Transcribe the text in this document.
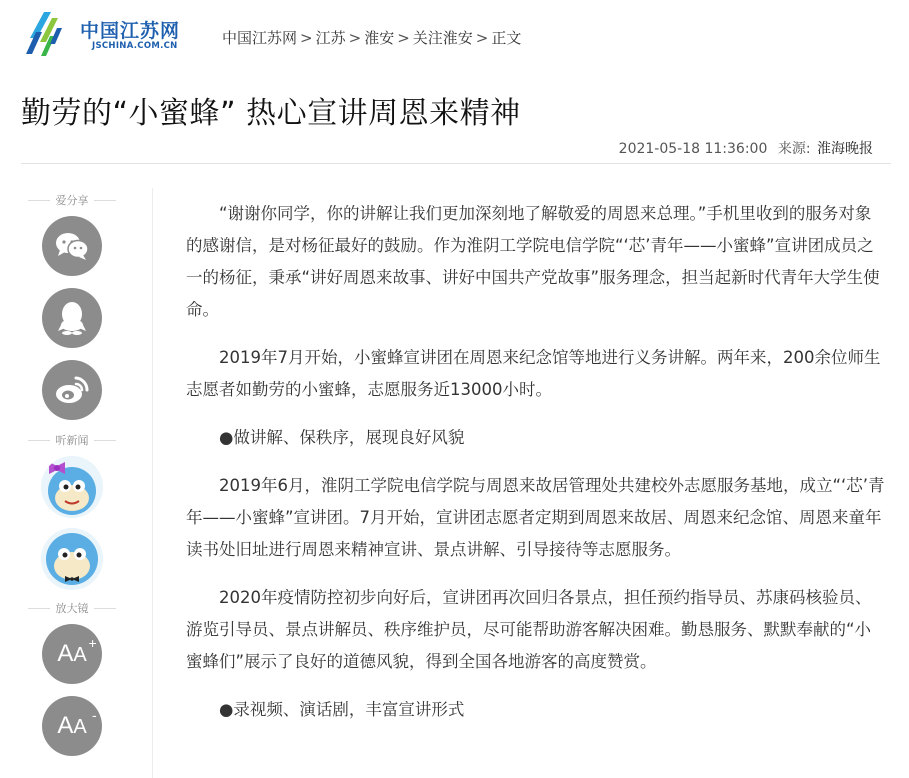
中国江苏网
JSCHINA.COM.CN	中国江苏网 > 江苏 > 淮安 > 关注淮安 > 正文
勤劳的“小蜜蜂” 热心宣讲周恩来精神
2021-05-18 11:36:00 来源: 淮海晚报
爱分享
听新闻
放大镜
AA
+
AA
-

“谢谢你同学，你的讲解让我们更加深刻地了解敬爱的周恩来总理。”手机里收到的服务对象的感谢信，是对杨征最好的鼓励。作为淮阴工学院电信学院“‘芯’青年——小蜜蜂”宣讲团成员之一的杨征，秉承“讲好周恩来故事、讲好中国共产党故事”服务理念，担当起新时代青年大学生使命。

2019年7月开始，小蜜蜂宣讲团在周恩来纪念馆等地进行义务讲解。两年来，200余位师生志愿者如勤劳的小蜜蜂，志愿服务近13000小时。

●做讲解、保秩序，展现良好风貌

2019年6月，淮阴工学院电信学院与周恩来故居管理处共建校外志愿服务基地，成立“‘芯’青年——小蜜蜂”宣讲团。7月开始，宣讲团志愿者定期到周恩来故居、周恩来纪念馆、周恩来童年读书处旧址进行周恩来精神宣讲、景点讲解、引导接待等志愿服务。

2020年疫情防控初步向好后，宣讲团再次回归各景点，担任预约指导员、苏康码核验员、游览引导员、景点讲解员、秩序维护员，尽可能帮助游客解决困难。勤恳服务、默默奉献的“小蜜蜂们”展示了良好的道德风貌，得到全国各地游客的高度赞赏。

●录视频、演话剧，丰富宣讲形式
